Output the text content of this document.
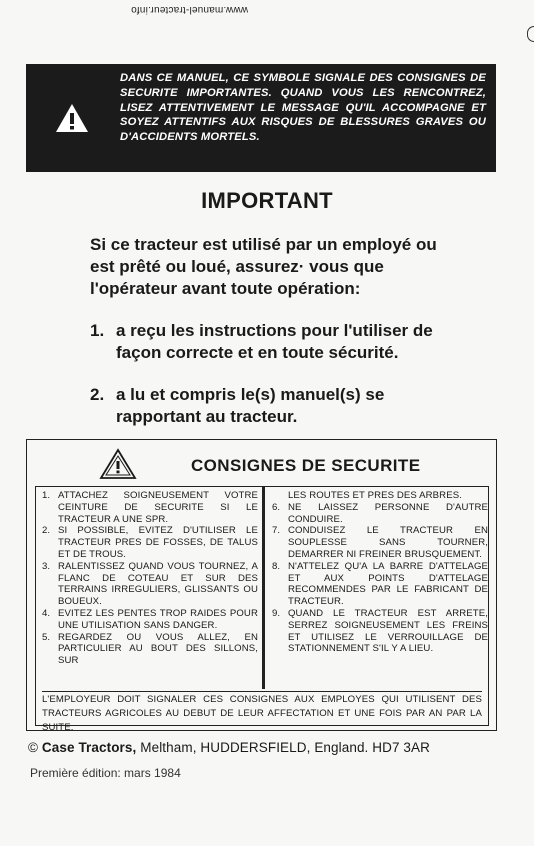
www.manuel-tracteur.info
DANS CE MANUEL, CE SYMBOLE SIGNALE DES CONSIGNES DE SECURITE IMPORTANTES. QUAND VOUS LES RENCONTREZ, LISEZ ATTENTIVEMENT LE MESSAGE QU'IL ACCOMPAGNE ET SOYEZ ATTENTIFS AUX RISQUES DE BLESSURES GRAVES OU D'ACCIDENTS MORTELS.
IMPORTANT
Si ce tracteur est utilisé par un employé ou est prêté ou loué, assurez· vous que l'opérateur avant toute opération:
1. a reçu les instructions pour l'utiliser de façon correcte et en toute sécurité.
2. a lu et compris le(s) manuel(s) se rapportant au tracteur.
CONSIGNES DE SECURITE
1. ATTACHEZ SOIGNEUSEMENT VOTRE CEINTURE DE SECURITE SI LE TRACTEUR A UNE SPR.
2. SI POSSIBLE, EVITEZ D'UTILISER LE TRACTEUR PRES DE FOSSES, DE TALUS ET DE TROUS.
3. RALENTISSEZ QUAND VOUS TOURNEZ, A FLANC DE COTEAU ET SUR DES TERRAINS IRREGULIERS, GLISSANTS OU BOUEUX.
4. EVITEZ LES PENTES TROP RAIDES POUR UNE UTILISATION SANS DANGER.
5. REGARDEZ OU VOUS ALLEZ, EN PARTICULIER AU BOUT DES SILLONS, SUR
LES ROUTES ET PRES DES ARBRES.
6. NE LAISSEZ PERSONNE D'AUTRE CONDUIRE.
7. CONDUISEZ LE TRACTEUR EN SOUPLESSE SANS TOURNER, DEMARRER NI FREINER BRUSQUEMENT.
8. N'ATTELEZ QU'A LA BARRE D'ATTELAGE ET AUX POINTS D'ATTELAGE RECOMMENDES PAR LE FABRICANT DE TRACTEUR.
9. QUAND LE TRACTEUR EST ARRETE, SERREZ SOIGNEUSEMENT LES FREINS ET UTILISEZ LE VERROUILLAGE DE STATIONNEMENT S'IL Y A LIEU.
L'EMPLOYEUR DOIT SIGNALER CES CONSIGNES AUX EMPLOYES QUI UTILISENT DES TRACTEURS AGRICOLES AU DEBUT DE LEUR AFFECTATION ET UNE FOIS PAR AN PAR LA SUITE.
© Case Tractors, Meltham, HUDDERSFIELD, England. HD7 3AR
Première édition: mars 1984
